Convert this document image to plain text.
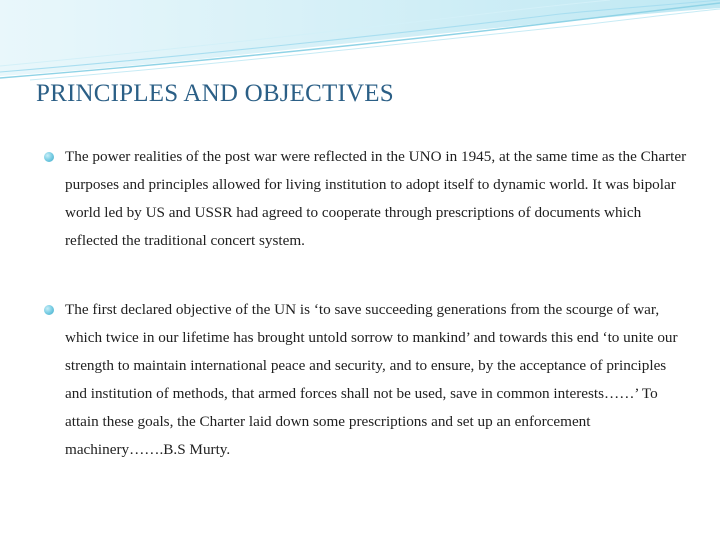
PRINCIPLES AND OBJECTIVES
The power realities of the post war were reflected in the UNO in 1945, at the same time as the Charter purposes and principles allowed for living institution to adopt itself to dynamic world. It was bipolar world led by US and USSR had agreed to cooperate through prescriptions of documents which reflected the traditional concert system.
The first declared objective of the UN is ‘to save succeeding generations from the scourge of war, which twice in our lifetime has brought untold sorrow to mankind’ and towards this end ‘to unite our strength to maintain international peace and security, and to ensure, by the acceptance of principles and institution of methods, that armed forces shall not be used, save in common interests……’ To attain these goals, the Charter laid down some prescriptions and set up an enforcement machinery…….B.S Murty.
